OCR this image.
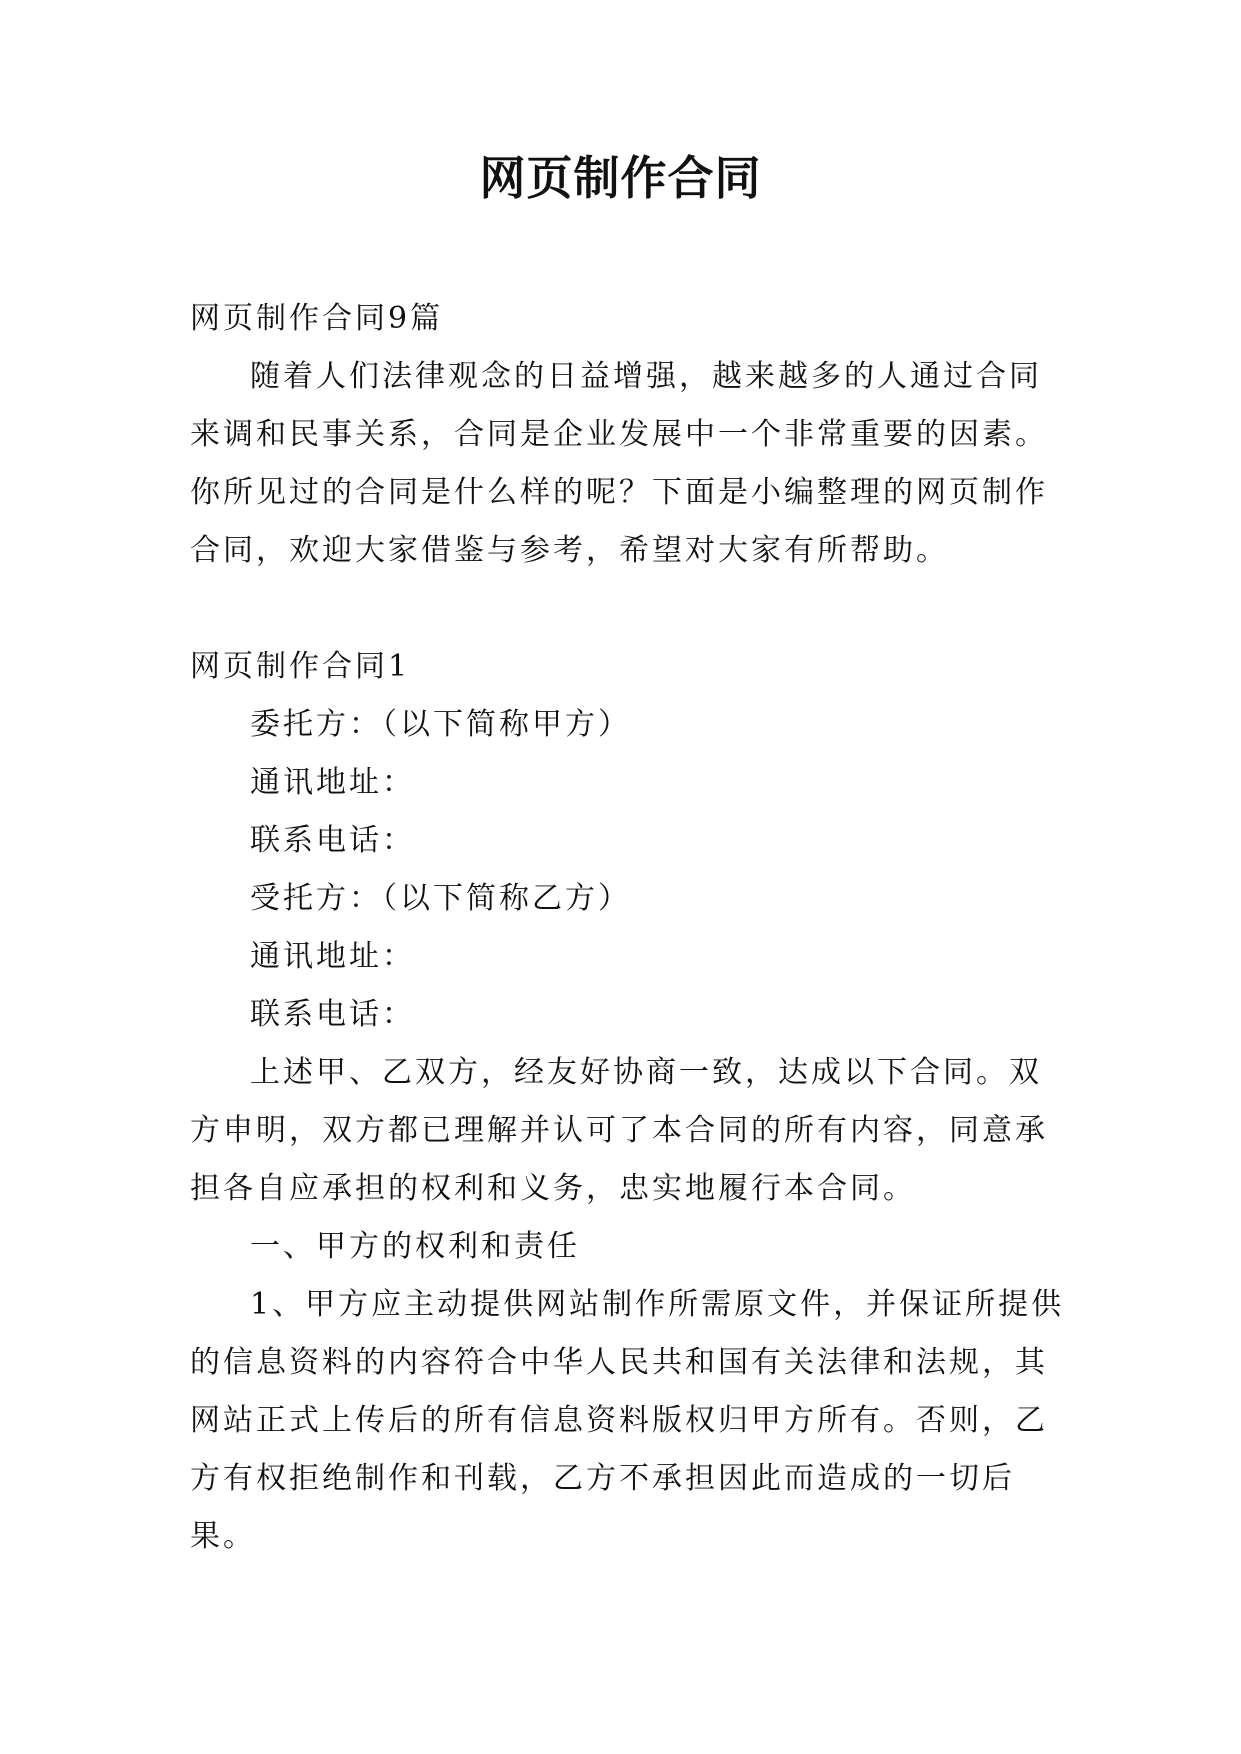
网页制作合同

网页制作合同9篇

随着人们法律观念的日益增强，越来越多的人通过合同来调和民事关系，合同是企业发展中一个非常重要的因素。你所见过的合同是什么样的呢？下面是小编整理的网页制作合同，欢迎大家借鉴与参考，希望对大家有所帮助。

网页制作合同1

委托方：（以下简称甲方）

通讯地址：

联系电话：

受托方：（以下简称乙方）

通讯地址：

联系电话：

上述甲、乙双方，经友好协商一致，达成以下合同。双方申明，双方都已理解并认可了本合同的所有内容，同意承担各自应承担的权利和义务，忠实地履行本合同。

一、甲方的权利和责任

1、甲方应主动提供网站制作所需原文件，并保证所提供的信息资料的内容符合中华人民共和国有关法律和法规，其网站正式上传后的所有信息资料版权归甲方所有。否则，乙方有权拒绝制作和刊载，乙方不承担因此而造成的一切后果。
